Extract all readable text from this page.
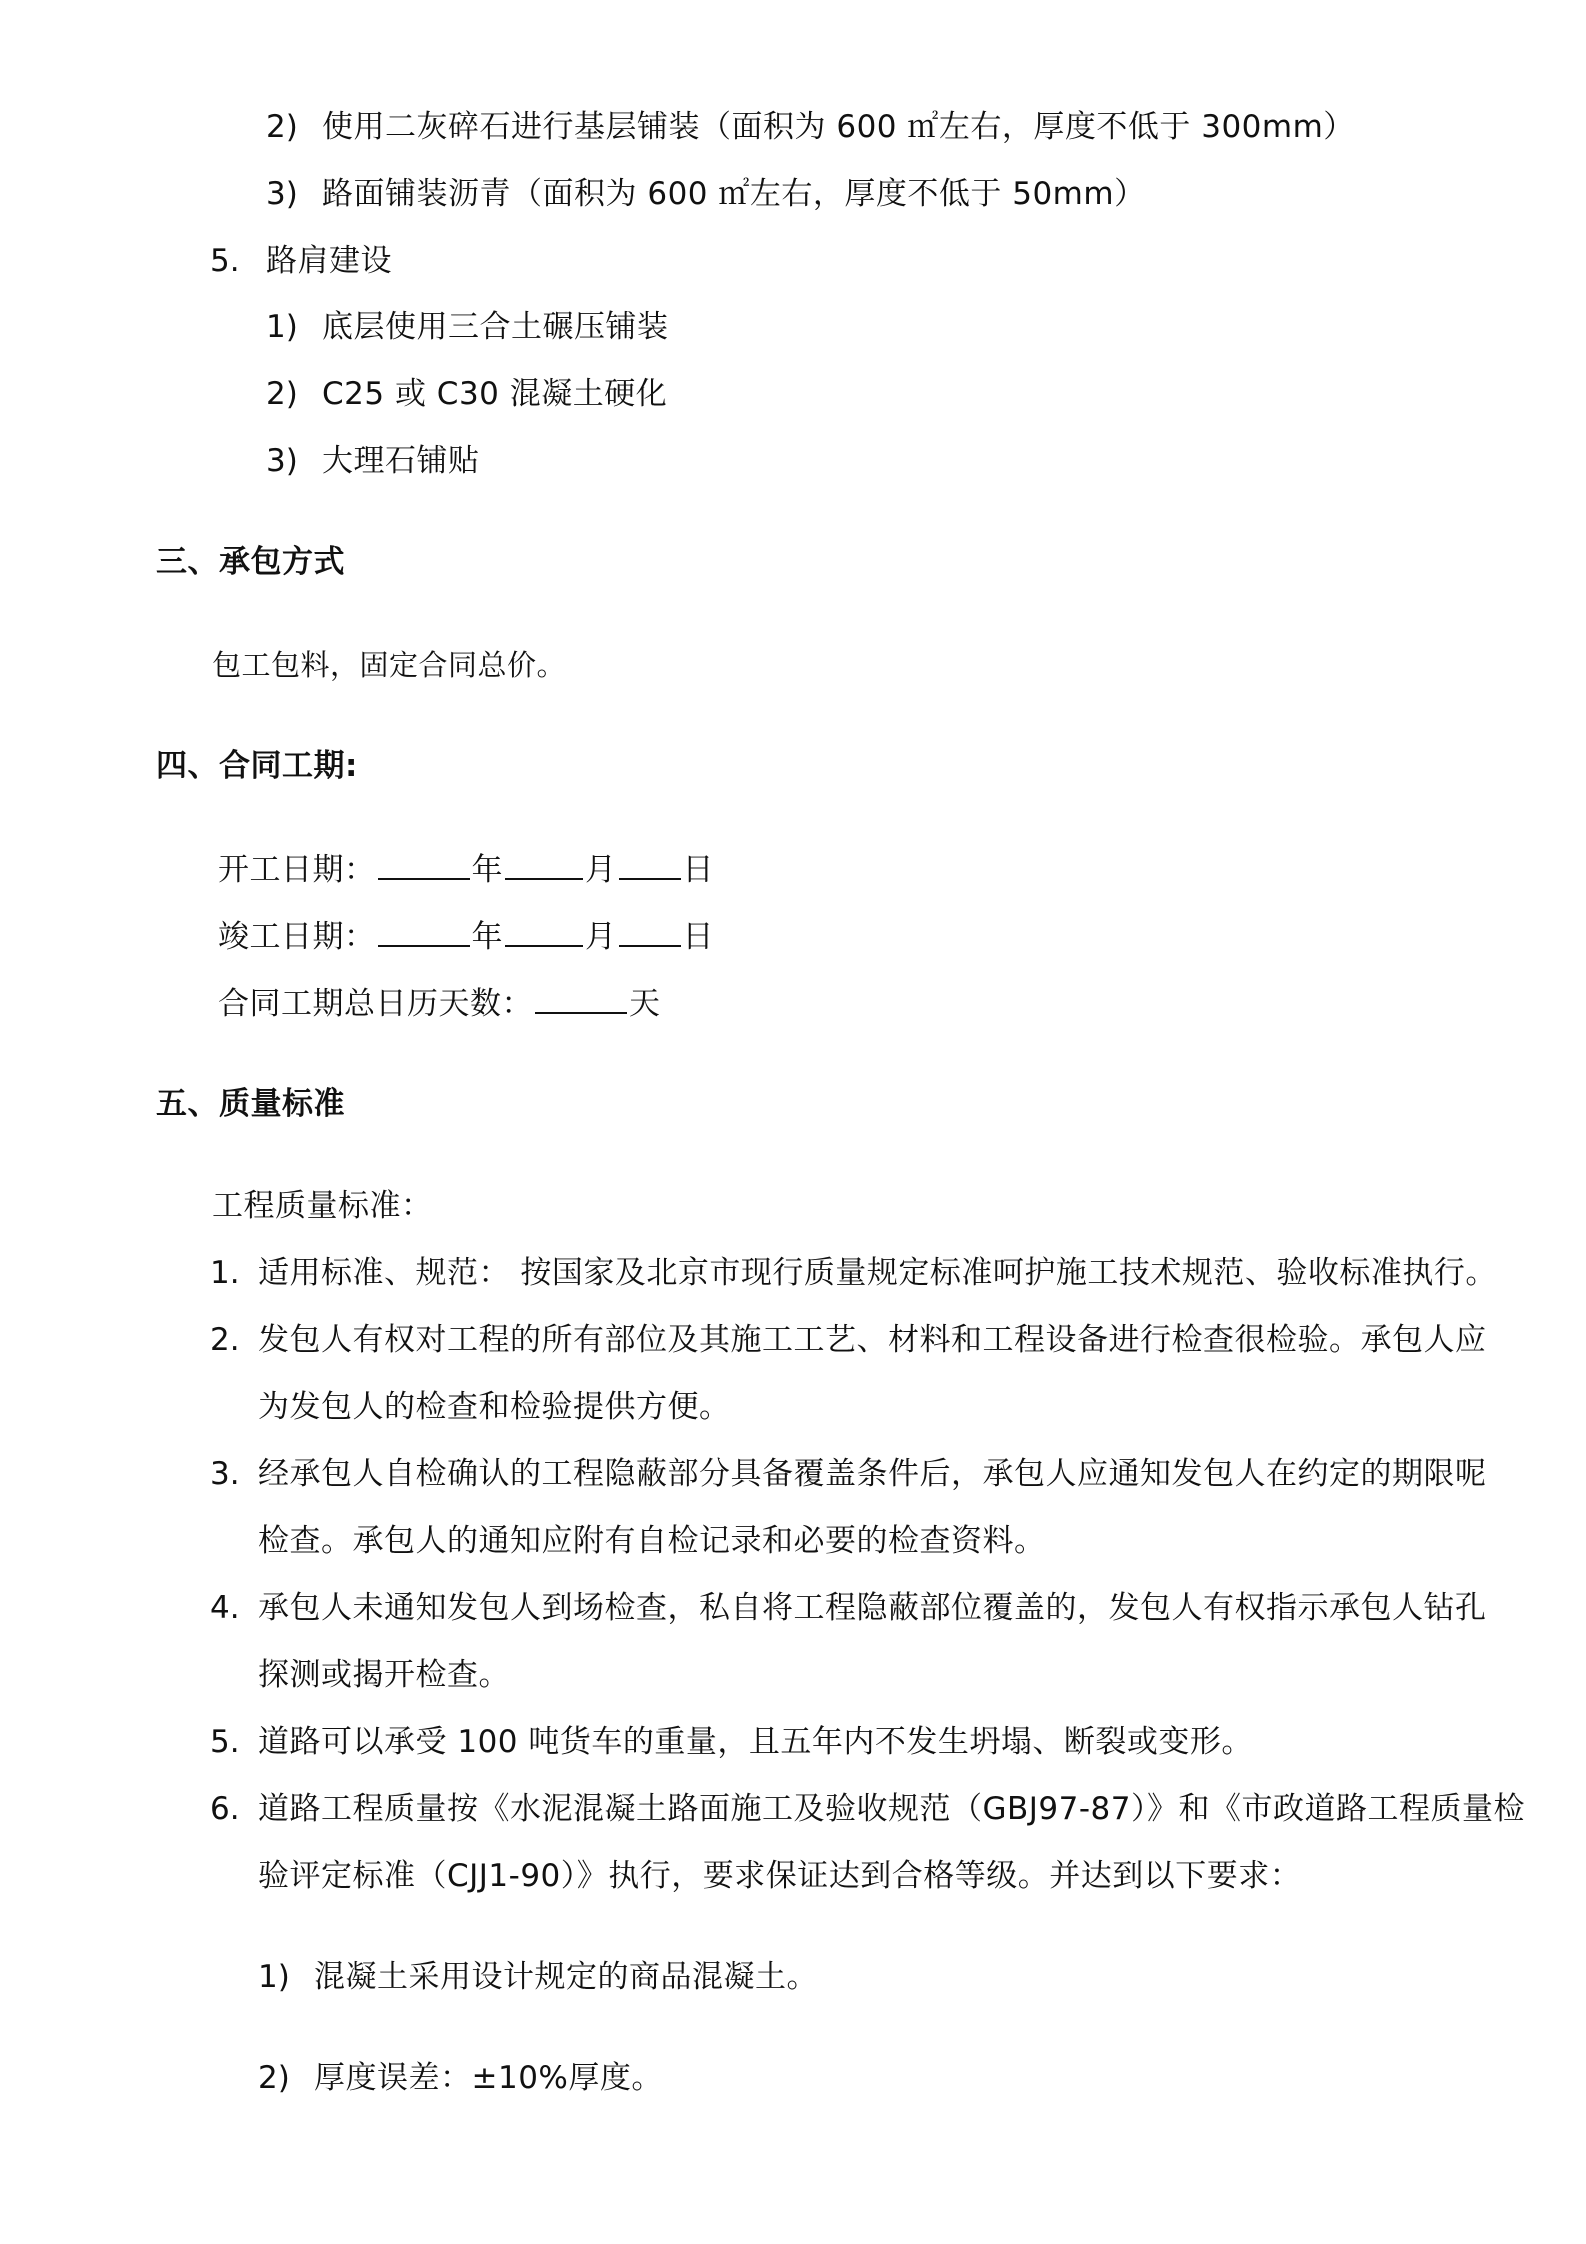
2) 使用二灰碎石进行基层铺装（面积为 600 ㎡左右，厚度不低于 300mm）
3) 路面铺装沥青（面积为 600 ㎡左右，厚度不低于 50mm）
5. 路肩建设
1) 底层使用三合土碾压铺装
2) C25 或 C30 混凝土硬化
3) 大理石铺贴
三、承包方式
包工包料，固定合同总价。
四、合同工期:
开工日期：	年	月 日
竣工日期：	年	月 日
合同工期总日历天数：	天
五、质量标准
工程质量标准：
1. 适用标准、规范： 按国家及北京市现行质量规定标准呵护施工技术规范、验收标准执行。
2. 发包人有权对工程的所有部位及其施工工艺、材料和工程设备进行检查很检验。承包人应
为发包人的检查和检验提供方便。
3. 经承包人自检确认的工程隐蔽部分具备覆盖条件后，承包人应通知发包人在约定的期限呢
检查。承包人的通知应附有自检记录和必要的检查资料。
4. 承包人未通知发包人到场检查，私自将工程隐蔽部位覆盖的，发包人有权指示承包人钻孔
探测或揭开检查。
5. 道路可以承受 100 吨货车的重量，且五年内不发生坍塌、断裂或变形。
6. 道路工程质量按《水泥混凝土路面施工及验收规范（GBJ97-87）》和《市政道路工程质量检
验评定标准（CJJ1-90）》执行，要求保证达到合格等级。并达到以下要求：
1) 混凝土采用设计规定的商品混凝土。
2) 厚度误差：±10%厚度。
